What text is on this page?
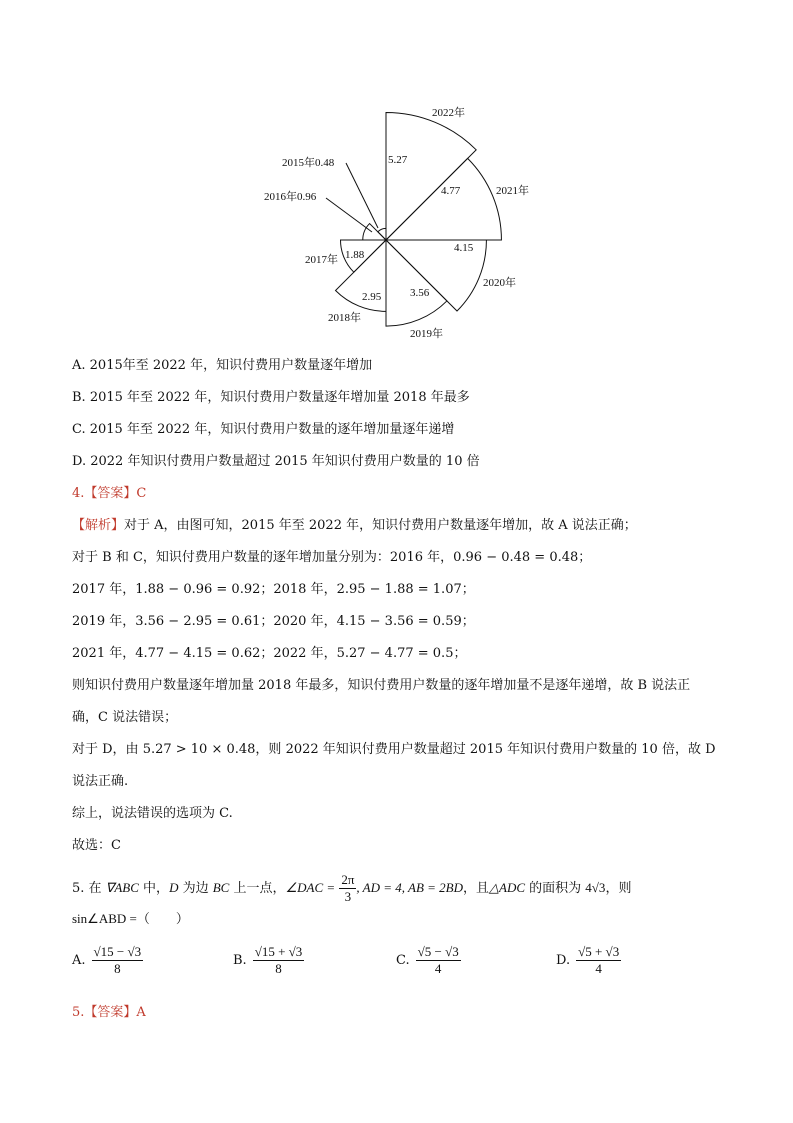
1.88
2.95	3.56
4.15
4.77
5.27
2017年
2018年
2019年
2020年
2021年
2022年
2015年0.48
2016年0.96
A. 2015年至 2022 年，知识付费用户数量逐年增加
B. 2015 年至 2022 年，知识付费用户数量逐年增加量 2018 年最多
C. 2015 年至 2022 年，知识付费用户数量的逐年增加量逐年递增
D. 2022 年知识付费用户数量超过 2015 年知识付费用户数量的 10 倍
4.【答案】C
【解析】对于 A，由图可知，2015 年至 2022 年，知识付费用户数量逐年增加，故 A 说法正确；
对于 B 和 C，知识付费用户数量的逐年增加量分别为：2016 年，0.96 − 0.48 = 0.48；
2017 年，1.88 − 0.96 = 0.92；2018 年，2.95 − 1.88 = 1.07；
2019 年，3.56 − 2.95 = 0.61；2020 年，4.15 − 3.56 = 0.59；
2021 年，4.77 − 4.15 = 0.62；2022 年，5.27 − 4.77 = 0.5；
则知识付费用户数量逐年增加量 2018 年最多，知识付费用户数量的逐年增加量不是逐年递增，故 B 说法正
确，C 说法错误；
对于 D，由 5.27 > 10 × 0.48，则 2022 年知识付费用户数量超过 2015 年知识付费用户数量的 10 倍，故 D
说法正确.
综上，说法错误的选项为 C.
故选：C
5. 在 ∇ABC 中，D 为边 BC 上一点，∠DAC = $\frac{2\pi}{3}$ , AD = 4, AB = 2BD，且△ADC 的面积为 4√3，则
sin∠ABD =（　　）
A. $\frac{√15 - √3}{8}$	B. $\frac{√15 + √3}{8}$	C. $\frac{√5 - √3}{4}$	D. $\frac{√5 + √3}{4}$
5.【答案】A
